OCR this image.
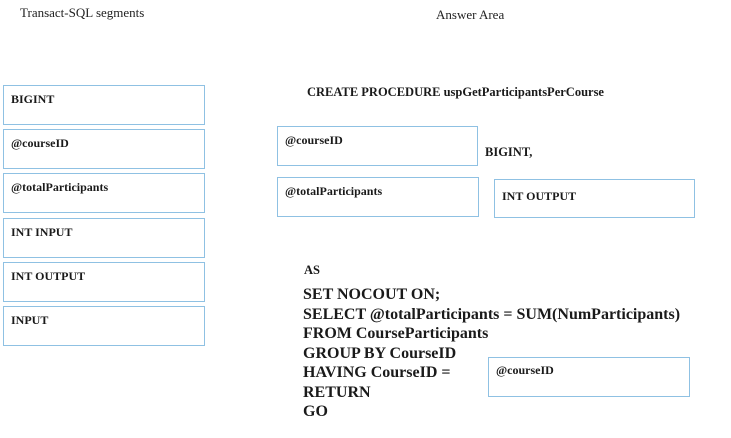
Transact-SQL segments	Answer Area
BIGINT
@courseID
@totalParticipants
INT INPUT
INT OUTPUT
INPUT
CREATE PROCEDURE uspGetParticipantsPerCourse
@courseID
BIGINT,
@totalParticipants	INT OUTPUT
AS
SET NOCOUT ON;
SELECT @totalParticipants = SUM(NumParticipants)
FROM CourseParticipants
GROUP BY CourseID
HAVING CourseID =
RETURN
GO
@courseID
